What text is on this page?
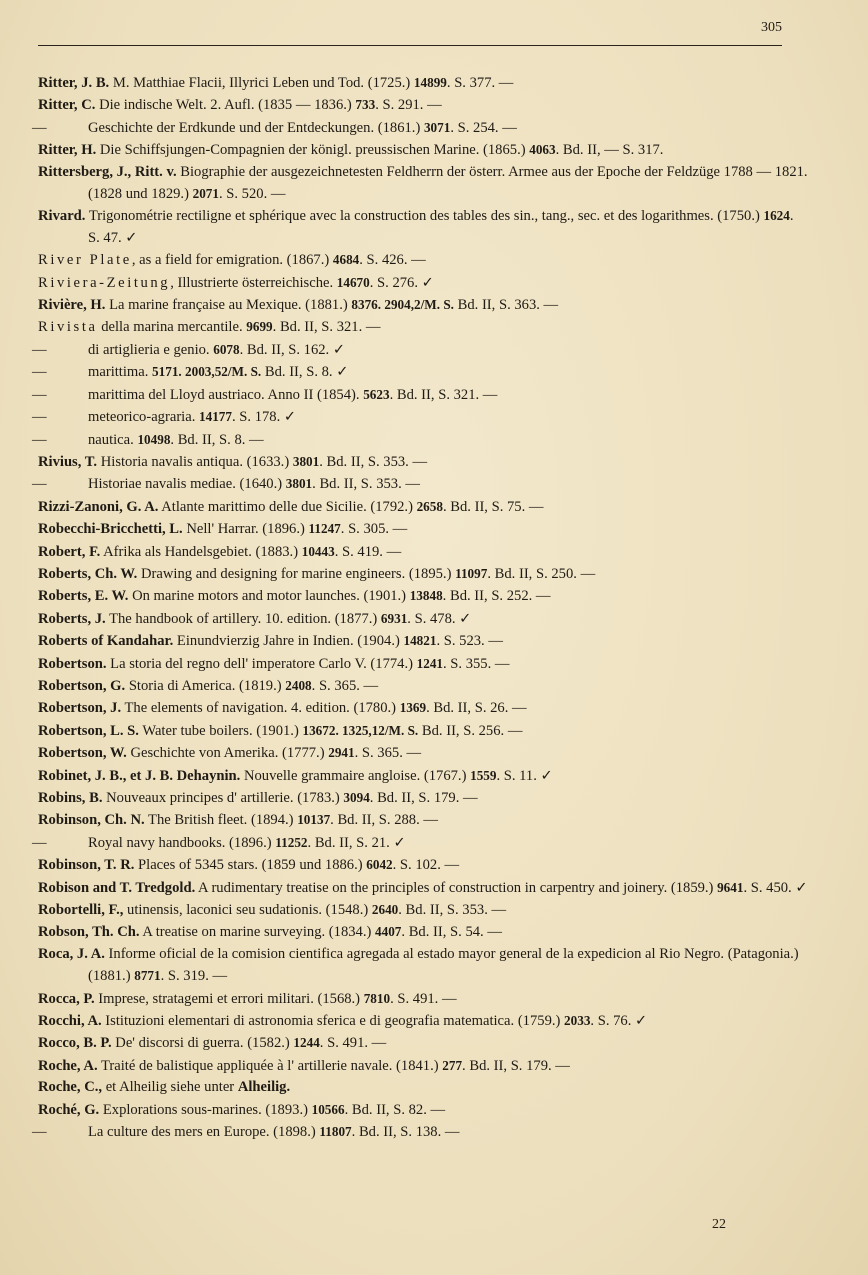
305
Ritter, J. B. M. Matthiae Flacii, Illyrici Leben und Tod. (1725.) 14899. S. 377. —
Ritter, C. Die indische Welt. 2. Aufl. (1835 — 1836.) 733. S. 291. —
—	Geschichte der Erdkunde und der Entdeckungen. (1861.) 3071. S. 254. —
Ritter, H. Die Schiffsjungen-Compagnien der königl. preussischen Marine. (1865.) 4063. Bd. II, — S. 317.
Rittersberg, J., Ritt. v. Biographie der ausgezeichnetesten Feldherrn der österr. Armee aus der Epoche der Feldzüge 1788 — 1821. (1828 und 1829.) 2071. S. 520. —
Rivard. Trigonométrie rectiligne et sphérique avec la construction des tables des sin., tang., sec. et des logarithmes. (1750.) 1624. S. 47. ✓
River Plate, as a field for emigration. (1867.) 4684. S. 426. —
Riviera-Zeitung, Illustrierte österreichische. 14670. S. 276. ✓
Rivière, H. La marine française au Mexique. (1881.) 8376. 2904,2/M. S. Bd. II, S. 363. —
Rivista della marina mercantile. 9699. Bd. II, S. 321. —
—	di artiglieria e genio. 6078. Bd. II, S. 162. ✓
—	marittima. 5171. 2003,52/M. S. Bd. II, S. 8. ✓
—	marittima del Lloyd austriaco. Anno II (1854). 5623. Bd. II, S. 321. —
—	meteorico-agraria. 14177. S. 178. ✓
—	nautica. 10498. Bd. II, S. 8. —
Rivius, T. Historia navalis antiqua. (1633.) 3801. Bd. II, S. 353. —
—	Historiae navalis mediae. (1640.) 3801. Bd. II, S. 353. —
Rizzi-Zanoni, G. A. Atlante marittimo delle due Sicilie. (1792.) 2658. Bd. II, S. 75. —
Robecchi-Bricchetti, L. Nell' Harrar. (1896.) 11247. S. 305. —
Robert, F. Afrika als Handelsgebiet. (1883.) 10443. S. 419. —
Roberts, Ch. W. Drawing and designing for marine engineers. (1895.) 11097. Bd. II, S. 250. —
Roberts, E. W. On marine motors and motor launches. (1901.) 13848. Bd. II, S. 252. —
Roberts, J. The handbook of artillery. 10. edition. (1877.) 6931. S. 478. ✓
Roberts of Kandahar. Einundvierzig Jahre in Indien. (1904.) 14821. S. 523. —
Robertson. La storia del regno dell' imperatore Carlo V. (1774.) 1241. S. 355. —
Robertson, G. Storia di America. (1819.) 2408. S. 365. —
Robertson, J. The elements of navigation. 4. edition. (1780.) 1369. Bd. II, S. 26. —
Robertson, L. S. Water tube boilers. (1901.) 13672. 1325,12/M. S. Bd. II, S. 256. —
Robertson, W. Geschichte von Amerika. (1777.) 2941. S. 365. —
Robinet, J. B., et J. B. Dehaynin. Nouvelle grammaire angloise. (1767.) 1559. S. 11. ✓
Robins, B. Nouveaux principes d' artillerie. (1783.) 3094. Bd. II, S. 179. —
Robinson, Ch. N. The British fleet. (1894.) 10137. Bd. II, S. 288. —
—	Royal navy handbooks. (1896.) 11252. Bd. II, S. 21. ✓
Robinson, T. R. Places of 5345 stars. (1859 und 1886.) 6042. S. 102. —
Robison and T. Tredgold. A rudimentary treatise on the principles of construction in carpentry and joinery. (1859.) 9641. S. 450. ✓
Robortelli, F., utinensis, laconici seu sudationis. (1548.) 2640. Bd. II, S. 353. —
Robson, Th. Ch. A treatise on marine surveying. (1834.) 4407. Bd. II, S. 54. —
Roca, J. A. Informe oficial de la comision cientifica agregada al estado mayor general de la expedicion al Rio Negro. (Patagonia.) (1881.) 8771. S. 319. —
Rocca, P. Imprese, stratagemi et errori militari. (1568.) 7810. S. 491. —
Rocchi, A. Istituzioni elementari di astronomia sferica e di geografia matematica. (1759.) 2033. S. 76. ✓
Rocco, B. P. De' discorsi di guerra. (1582.) 1244. S. 491. —
Roche, A. Traité de balistique appliquée à l' artillerie navale. (1841.) 277. Bd. II, S. 179. —
Roche, C., et Alheilig siehe unter Alheilig.
Roché, G. Explorations sous-marines. (1893.) 10566. Bd. II, S. 82. —
—	La culture des mers en Europe. (1898.) 11807. Bd. II, S. 138. —
22
